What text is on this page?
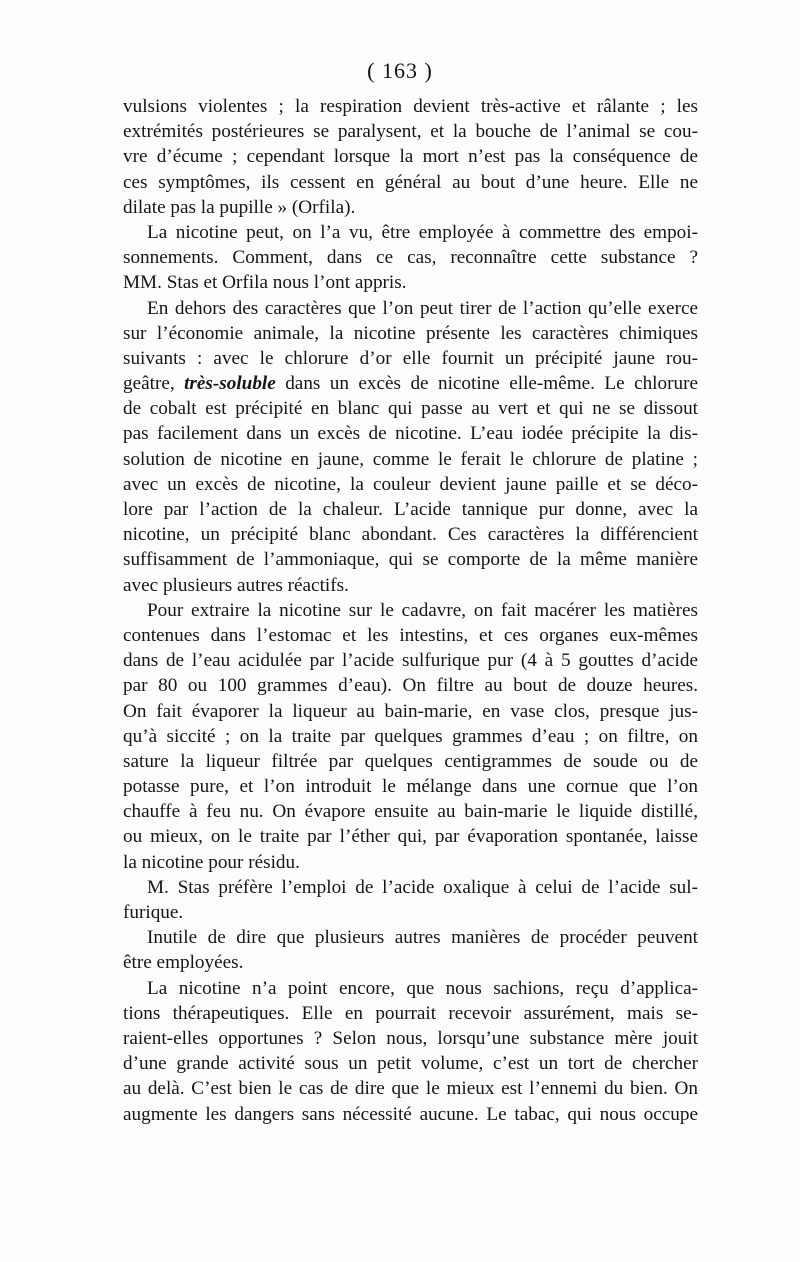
( 163 )
vulsions violentes ; la respiration devient très-active et râlante ; les
extrémités postérieures se paralysent, et la bouche de l’animal se cou-
vre d’écume ; cependant lorsque la mort n’est pas la conséquence de
ces symptômes, ils cessent en général au bout d’une heure. Elle ne
dilate pas la pupille » (Orfila).
La nicotine peut, on l’a vu, être employée à commettre des empoi-
sonnements. Comment, dans ce cas, reconnaître cette substance ?
MM. Stas et Orfila nous l’ont appris.
En dehors des caractères que l’on peut tirer de l’action qu’elle exerce
sur l’économie animale, la nicotine présente les caractères chimiques
suivants : avec le chlorure d’or elle fournit un précipité jaune rou-
geâtre, très-soluble dans un excès de nicotine elle-même. Le chlorure
de cobalt est précipité en blanc qui passe au vert et qui ne se dissout
pas facilement dans un excès de nicotine. L’eau iodée précipite la dis-
solution de nicotine en jaune, comme le ferait le chlorure de platine ;
avec un excès de nicotine, la couleur devient jaune paille et se déco-
lore par l’action de la chaleur. L’acide tannique pur donne, avec la
nicotine, un précipité blanc abondant. Ces caractères la différencient
suffisamment de l’ammoniaque, qui se comporte de la même manière
avec plusieurs autres réactifs.
Pour extraire la nicotine sur le cadavre, on fait macérer les matières
contenues dans l’estomac et les intestins, et ces organes eux-mêmes
dans de l’eau acidulée par l’acide sulfurique pur (4 à 5 gouttes d’acide
par 80 ou 100 grammes d’eau). On filtre au bout de douze heures.
On fait évaporer la liqueur au bain-marie, en vase clos, presque jus-
qu’à siccité ; on la traite par quelques grammes d’eau ; on filtre, on
sature la liqueur filtrée par quelques centigrammes de soude ou de
potasse pure, et l’on introduit le mélange dans une cornue que l’on
chauffe à feu nu. On évapore ensuite au bain-marie le liquide distillé,
ou mieux, on le traite par l’éther qui, par évaporation spontanée, laisse
la nicotine pour résidu.
M. Stas préfère l’emploi de l’acide oxalique à celui de l’acide sul-
furique.
Inutile de dire que plusieurs autres manières de procéder peuvent
être employées.
La nicotine n’a point encore, que nous sachions, reçu d’applica-
tions thérapeutiques. Elle en pourrait recevoir assurément, mais se-
raient-elles opportunes ? Selon nous, lorsqu’une substance mère jouit
d’une grande activité sous un petit volume, c’est un tort de chercher
au delà. C’est bien le cas de dire que le mieux est l’ennemi du bien. On
augmente les dangers sans nécessité aucune. Le tabac, qui nous occupe
